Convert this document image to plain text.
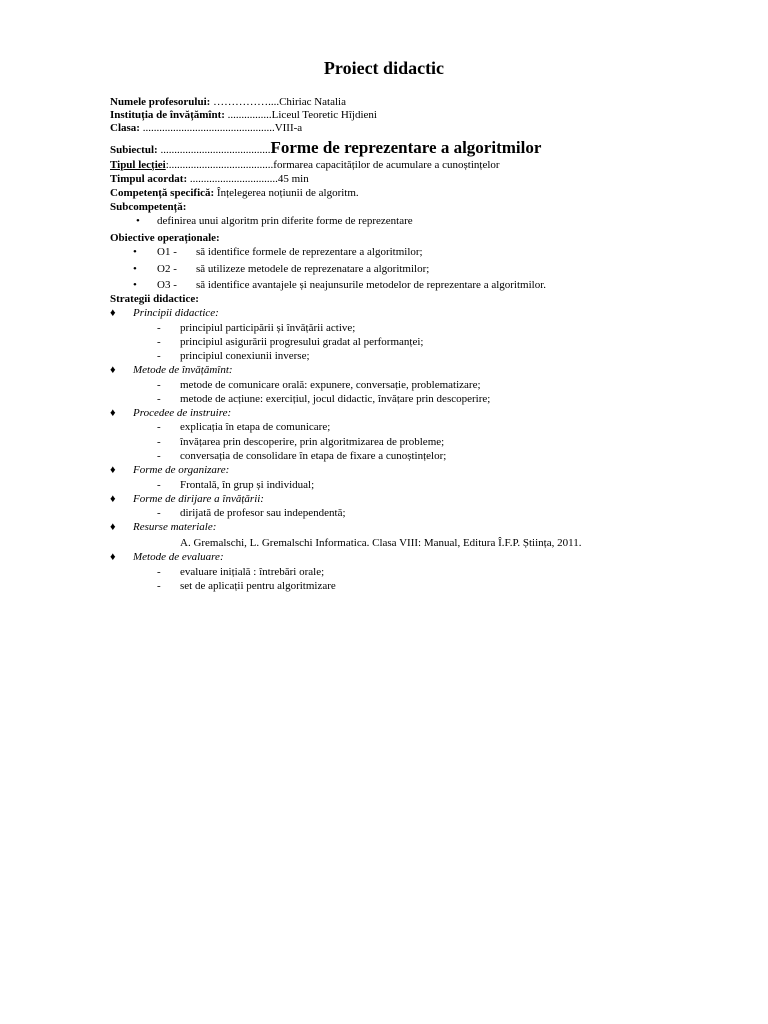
Proiect didactic
Numele profesorului: ……………....Chiriac Natalia
Instituția de învățămînt: ................Liceul Teoretic Hîjdieni
Clasa: ................................................VIII-a
Subiectul: ........................................Forme de reprezentare a algoritmilor
Tipul lecției:......................................formarea capacităților de acumulare a cunoștințelor
Timpul acordat: ................................45 min
Competență specifică: Înțelegerea noțiunii de algoritm.
Subcompetență:
• definirea unui algoritm prin diferite forme de reprezentare
Obiective operaționale:
• O1 - să identifice formele de reprezentare a algoritmilor;
• O2 - să utilizeze metodele de reprezenatare a algoritmilor;
• O3 - să identifice avantajele și neajunsurile metodelor de reprezentare a algoritmilor.
Strategii didactice:
♦ Principii didactice:
- principiul participării și învățării active;
- principiul asigurării progresului gradat al performanței;
- principiul conexiunii inverse;
♦ Metode de învățămînt:
- metode de comunicare orală: expunere, conversație, problematizare;
- metode de acțiune: exercițiul, jocul didactic, învățare prin descoperire;
♦ Procedee de instruire:
- explicația în etapa de comunicare;
- învățarea prin descoperire, prin algoritmizarea de probleme;
- conversația de consolidare în etapa de fixare a cunoștințelor;
♦ Forme de organizare:
- Frontală, în grup și individual;
♦ Forme de dirijare a învățării:
- dirijată de profesor sau independentă;
♦ Resurse materiale:
A. Gremalschi, L. Gremalschi Informatica. Clasa VIII: Manual, Editura Î.F.P. Știința, 2011.
♦ Metode de evaluare:
- evaluare inițială : întrebări orale;
- set de aplicații pentru algoritmizare
